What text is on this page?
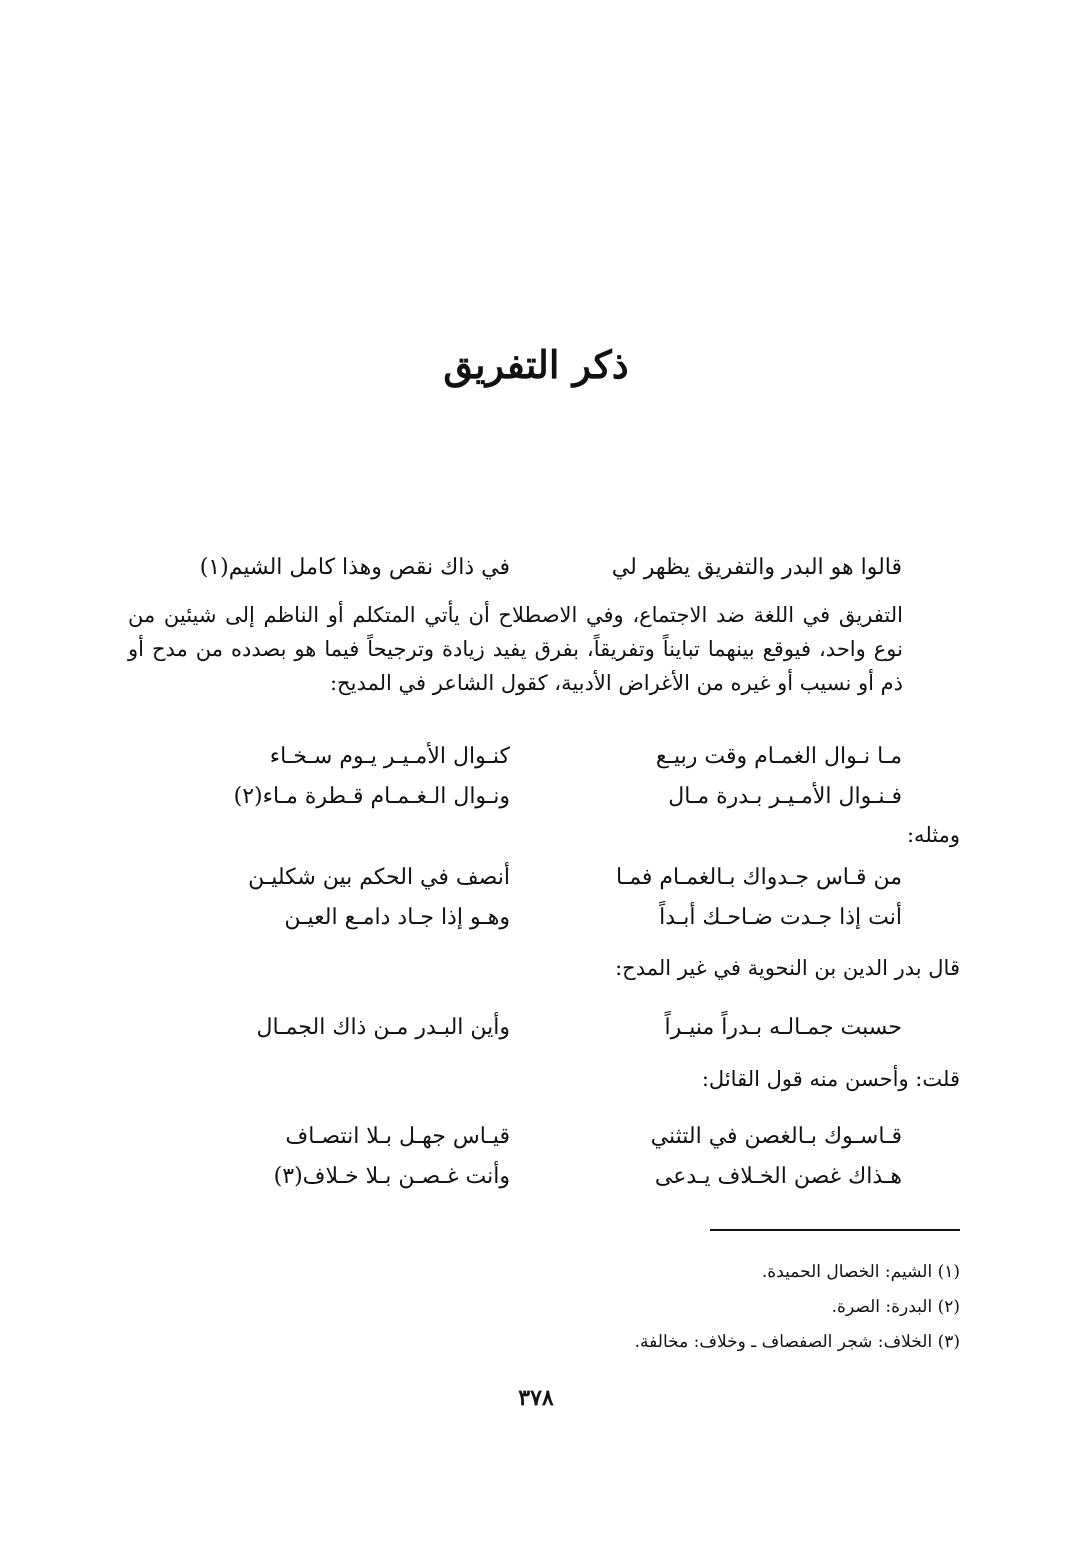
ذكر التفريق
قالوا هو البدر والتفريق يظهر لي
في ذاك نقص وهذا كامل الشيم(١)

التفريق في اللغة ضد الاجتماع، وفي الاصطلاح أن يأتي المتكلم أو الناظم إلى شيئين من نوع واحد، فيوقع بينهما تبايناً وتفريقاً، بفرق يفيد زيادة وترجيحاً فيما هو بصدده من مدح أو ذم أو نسيب أو غيره من الأغراض الأدبية، كقول الشاعر في المديح:

مـا نـوال الغمـام وقت ربيـع
كنـوال الأمـيـر يـوم سـخـاء
فـنـوال الأمـيـر بـدرة مـال
ونـوال الـغـمـام قـطرة مـاء(٢)
ومثله:
من قـاس جـدواك بـالغمـام فمـا
أنصف في الحكم بين شكليـن
أنت إذا جـدت ضـاحـك أبـداً
وهـو إذا جـاد دامـع العيـن
قال بدر الدين بن النحوية في غير المدح:
حسبت جمـالـه بـدراً منيـراً
وأين البـدر مـن ذاك الجمـال
قلت: وأحسن منه قول القائل:
قـاسـوك بـالغصن في التثني
قيـاس جهـل بـلا انتصـاف
هـذاك غصن الخـلاف يـدعى
وأنت غـصـن بـلا خـلاف(٣)
(١) الشيم: الخصال الحميدة.
(٢) البدرة: الصرة.
(٣) الخلاف: شجر الصفصاف ـ وخلاف: مخالفة.
٣٧٨
